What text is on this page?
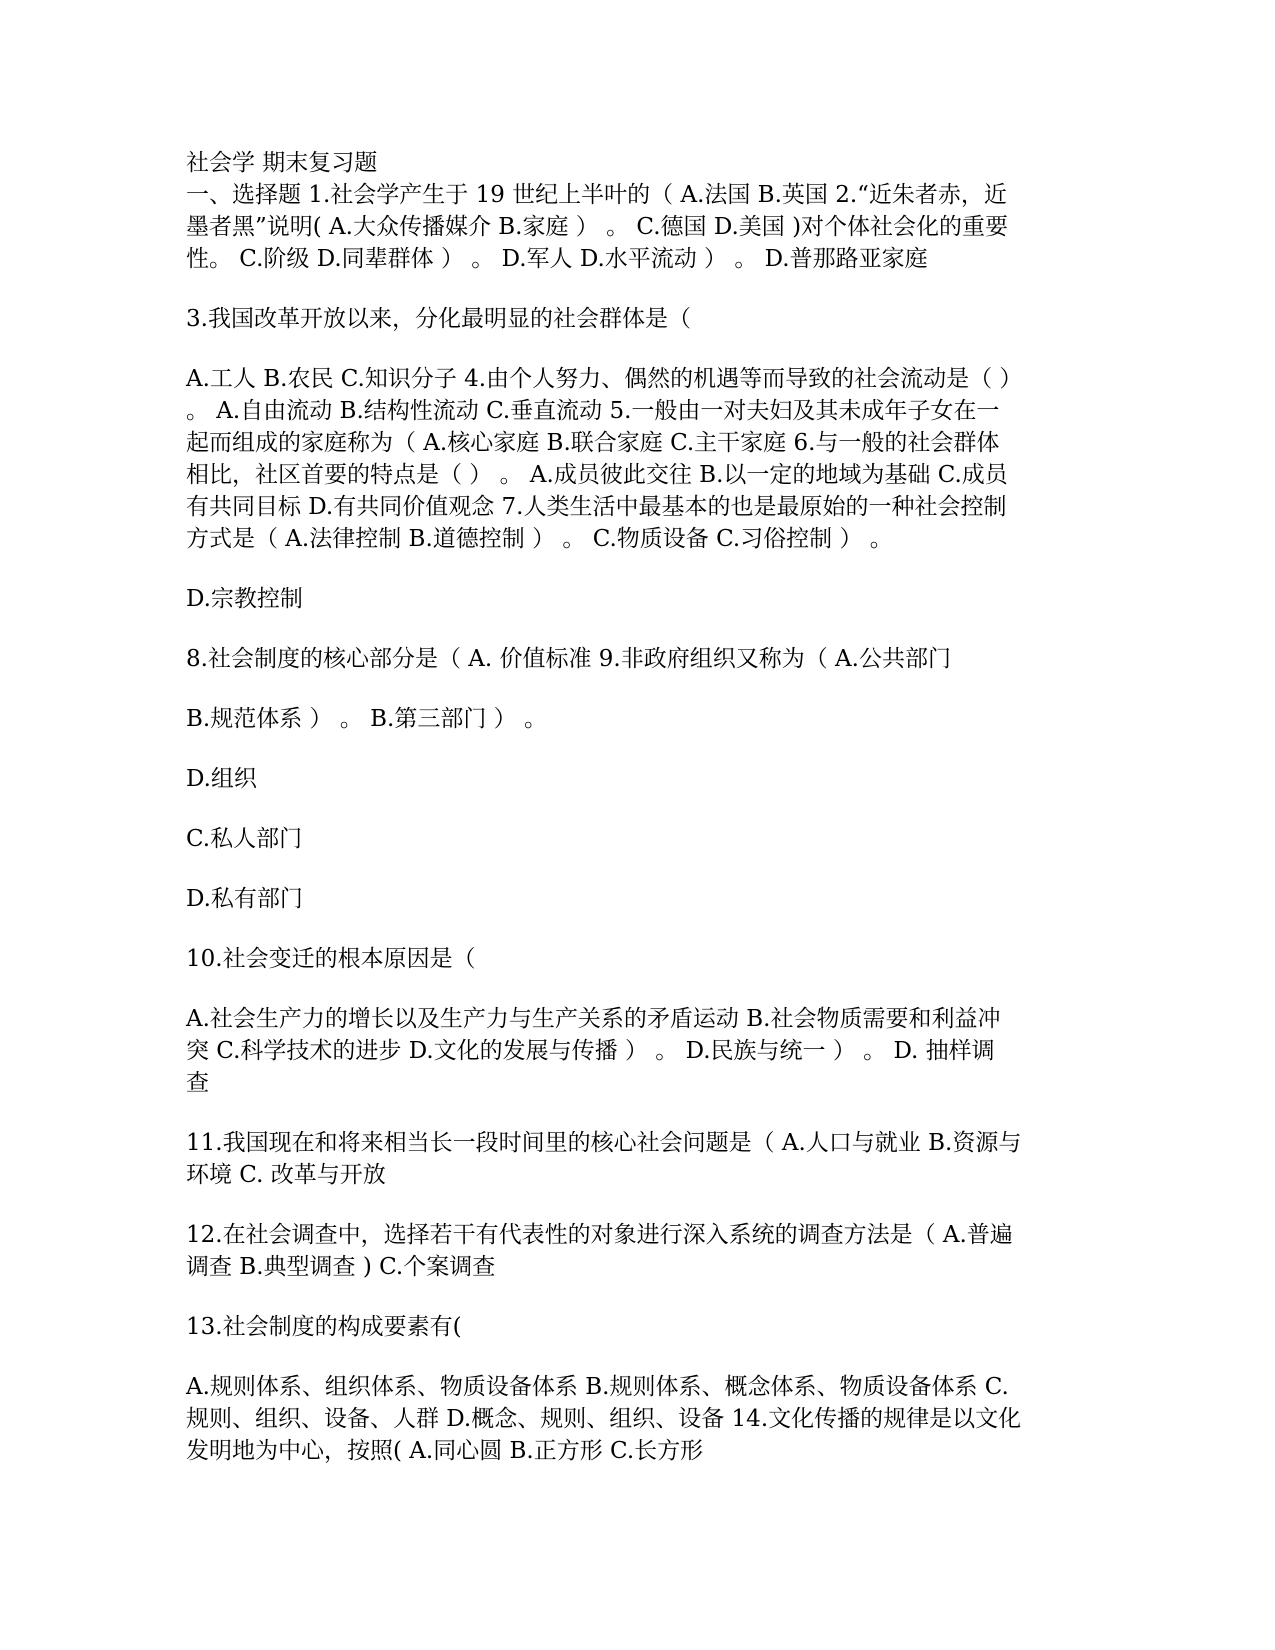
社会学 期末复习题
一、选择题 1.社会学产生于 19 世纪上半叶的（ A.法国 B.英国 2.“近朱者赤，近
墨者黑”说明( A.大众传播媒介 B.家庭 ） 。 C.德国 D.美国 )对个体社会化的重要
性。 C.阶级 D.同辈群体 ） 。 D.军人 D.水平流动 ） 。 D.普那路亚家庭
3.我国改革开放以来，分化最明显的社会群体是（
A.工人 B.农民 C.知识分子 4.由个人努力、偶然的机遇等而导致的社会流动是（ ）
。 A.自由流动 B.结构性流动 C.垂直流动 5.一般由一对夫妇及其未成年子女在一
起而组成的家庭称为（ A.核心家庭 B.联合家庭 C.主干家庭 6.与一般的社会群体
相比，社区首要的特点是（ ） 。 A.成员彼此交往 B.以一定的地域为基础 C.成员
有共同目标 D.有共同价值观念 7.人类生活中最基本的也是最原始的一种社会控制
方式是（ A.法律控制 B.道德控制 ） 。 C.物质设备 C.习俗控制 ） 。
D.宗教控制
8.社会制度的核心部分是（ A. 价值标准 9.非政府组织又称为（ A.公共部门
B.规范体系 ） 。 B.第三部门 ） 。
D.组织
C.私人部门
D.私有部门
10.社会变迁的根本原因是（
A.社会生产力的增长以及生产力与生产关系的矛盾运动 B.社会物质需要和利益冲
突 C.科学技术的进步 D.文化的发展与传播 ） 。 D.民族与统一 ） 。 D. 抽样调
查
11.我国现在和将来相当长一段时间里的核心社会问题是（ A.人口与就业 B.资源与
环境 C. 改革与开放
12.在社会调查中，选择若干有代表性的对象进行深入系统的调查方法是（ A.普遍
调查 B.典型调查 ) C.个案调查
13.社会制度的构成要素有(
A.规则体系、组织体系、物质设备体系 B.规则体系、概念体系、物质设备体系 C.
规则、组织、设备、人群 D.概念、规则、组织、设备 14.文化传播的规律是以文化
发明地为中心，按照( A.同心圆 B.正方形 C.长方形
